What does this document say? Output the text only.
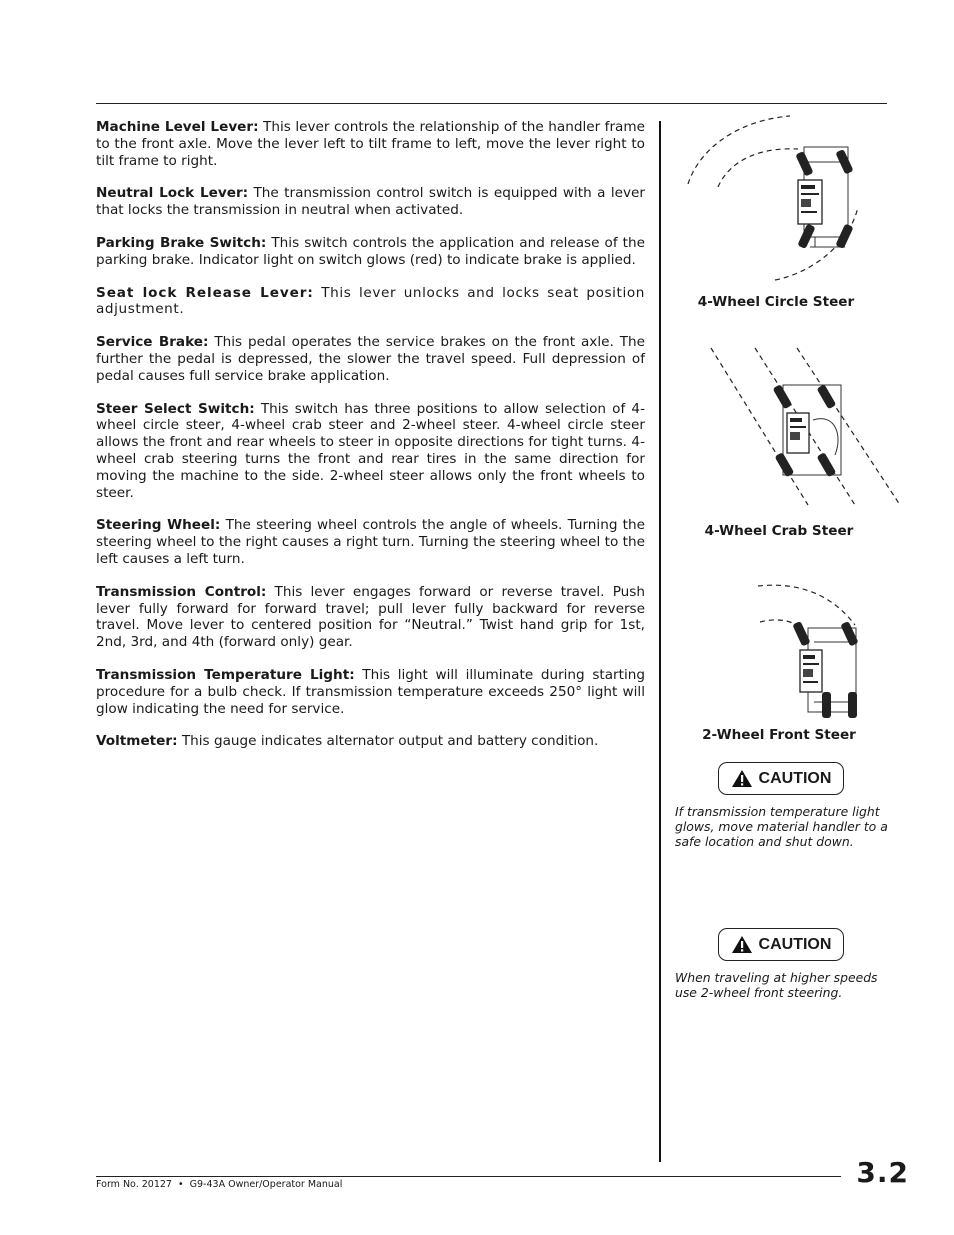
Machine Level Lever: This lever controls the relationship of the handler frame to the front axle. Move the lever left to tilt frame to left, move the lever right to tilt frame to right.

Neutral Lock Lever: The transmission control switch is equipped with a lever that locks the transmission in neutral when activated.

Parking Brake Switch: This switch controls the application and release of the parking brake. Indicator light on switch glows (red) to indicate brake is applied.

Seat lock Release Lever: This lever unlocks and locks seat position adjustment.

Service Brake: This pedal operates the service brakes on the front axle. The further the pedal is depressed, the slower the travel speed. Full depression of pedal causes full service brake application.

Steer Select Switch: This switch has three positions to allow selection of 4-wheel circle steer, 4-wheel crab steer and 2-wheel steer. 4-wheel circle steer allows the front and rear wheels to steer in opposite directions for tight turns. 4-wheel crab steering turns the front and rear tires in the same direction for moving the machine to the side. 2-wheel steer allows only the front wheels to steer.

Steering Wheel: The steering wheel controls the angle of wheels. Turning the steering wheel to the right causes a right turn. Turning the steering wheel to the left causes a left turn.

Transmission Control: This lever engages forward or reverse travel. Push lever fully forward for forward travel; pull lever fully backward for reverse travel. Move lever to centered position for “Neutral.” Twist hand grip for 1st, 2nd, 3rd, and 4th (forward only) gear.

Transmission Temperature Light: This light will illuminate during starting procedure for a bulb check. If transmission temperature exceeds 250° light will glow indicating the need for service.

Voltmeter: This gauge indicates alternator output and battery condition.

4-Wheel Circle Steer
4-Wheel Crab Steer
2-Wheel Front Steer
CAUTION
If transmission temperature light glows, move material handler to a safe location and shut down.
CAUTION
When traveling at higher speeds use 2-wheel front steering.
Form No. 20127  •  G9-43A Owner/Operator Manual	3.2
